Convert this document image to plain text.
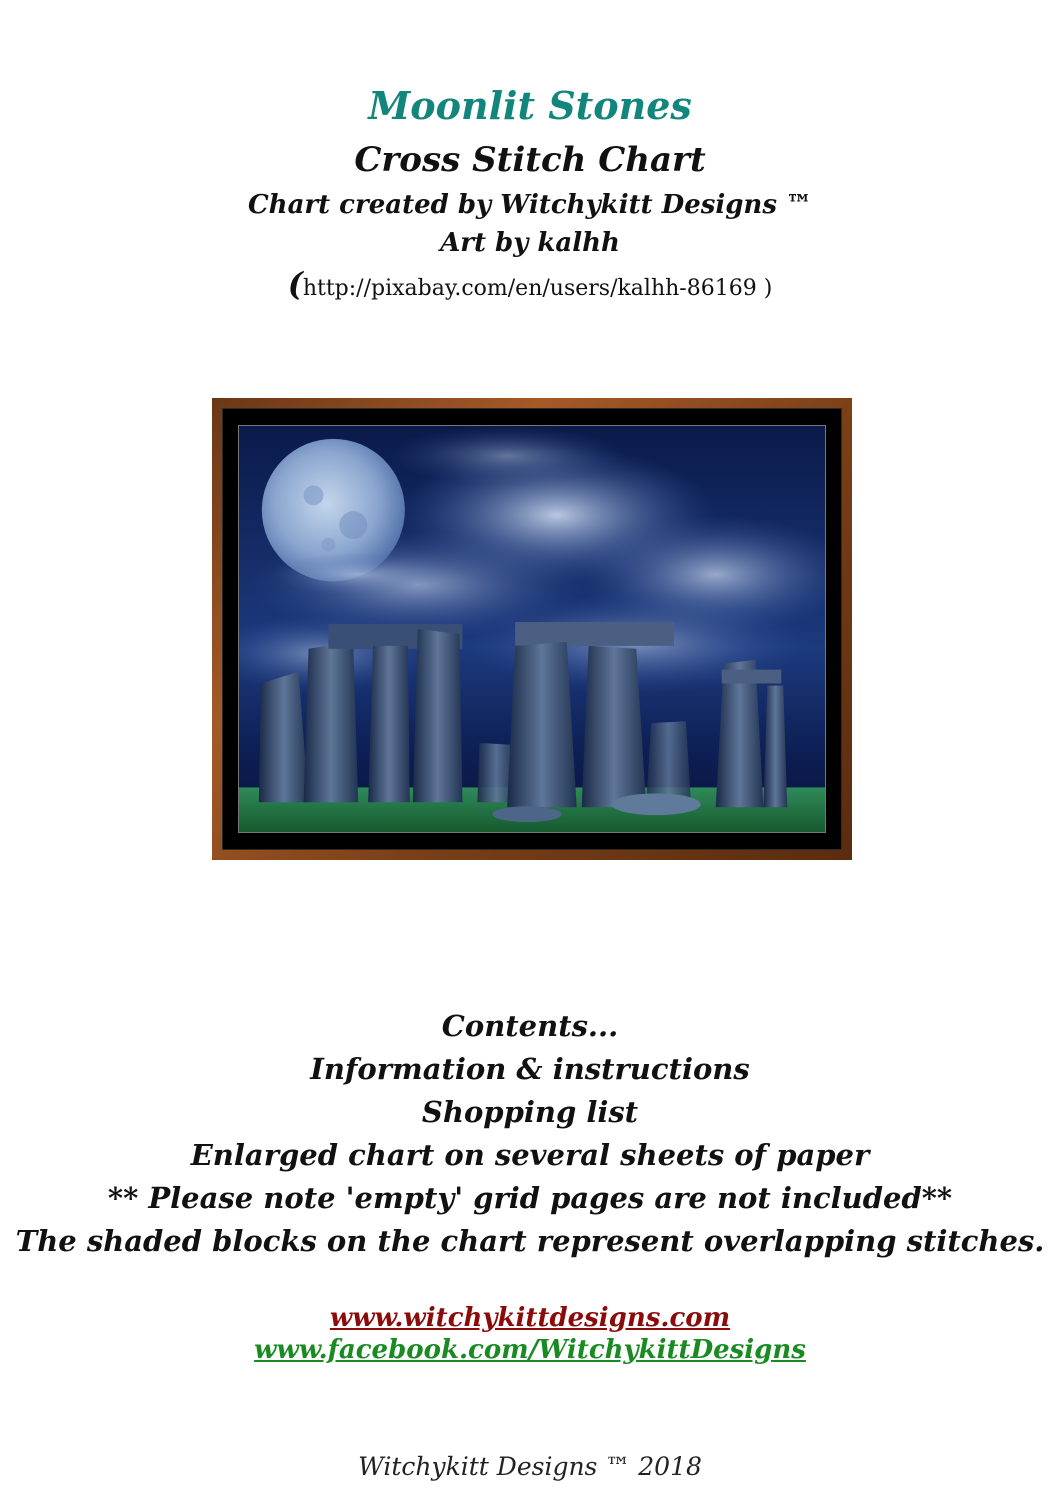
Moonlit Stones

Cross Stitch Chart

Chart created by Witchykitt Designs ™

Art by kalhh

(http://pixabay.com/en/users/kalhh-86169 )

Contents...

Information & instructions

Shopping list

Enlarged chart on several sheets of paper

** Please note 'empty' grid pages are not included**

The shaded blocks on the chart represent overlapping stitches.

www.witchykittdesigns.com
www.facebook.com/WitchykittDesigns
Witchykitt Designs ™ 2018
